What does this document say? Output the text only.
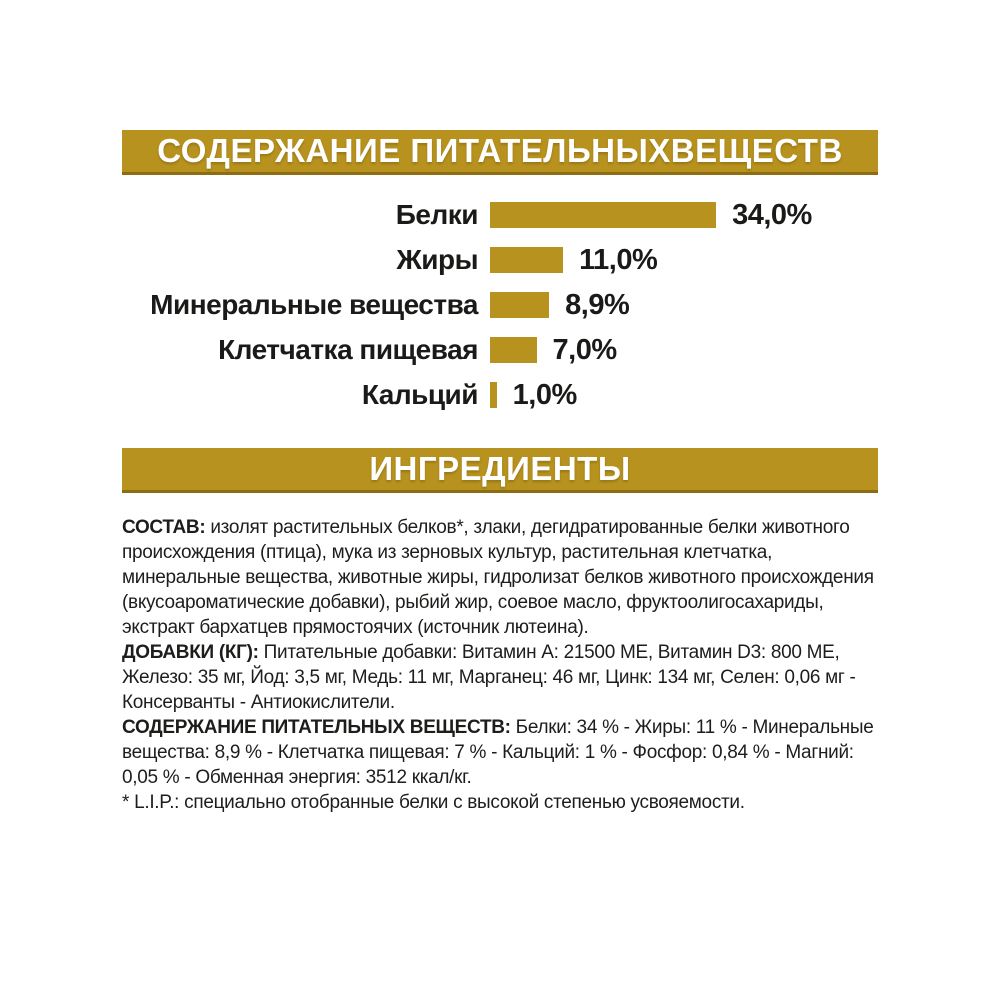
СОДЕРЖАНИЕ ПИТАТЕЛЬНЫХВЕЩЕСТВ
Белки	34,0%
Жиры	11,0%
Минеральные вещества	8,9%
Клетчатка пищевая	7,0%
Кальций	1,0%
ИНГРЕДИЕНТЫ

СОСТАВ: изолят растительных белков*, злаки, дегидратированные белки животного происхождения (птица), мука из зерновых культур, растительная клетчатка, минеральные вещества, животные жиры, гидролизат белков животного происхождения (вкусоароматические добавки), рыбий жир, соевое масло, фруктоолигосахариды, экстракт бархатцев прямостоячих (источник лютеина).

ДОБАВКИ (КГ): Питательные добавки: Витамин A: 21500 МЕ, Витамин D3: 800 МЕ, Железо: 35 мг, Йод: 3,5 мг, Медь: 11 мг, Марганец: 46 мг, Цинк: 134 мг, Селен: 0,06 мг - Консерванты - Антиокислители.

СОДЕРЖАНИЕ ПИТАТЕЛЬНЫХ ВЕЩЕСТВ: Белки: 34 % - Жиры: 11 % - Минеральные вещества: 8,9 % - Клетчатка пищевая: 7 % - Кальций: 1 % - Фосфор: 0,84 % - Магний: 0,05 % - Обменная энергия: 3512 ккал/кг.

* L.I.P.: специально отобранные белки с высокой степенью усвояемости.
